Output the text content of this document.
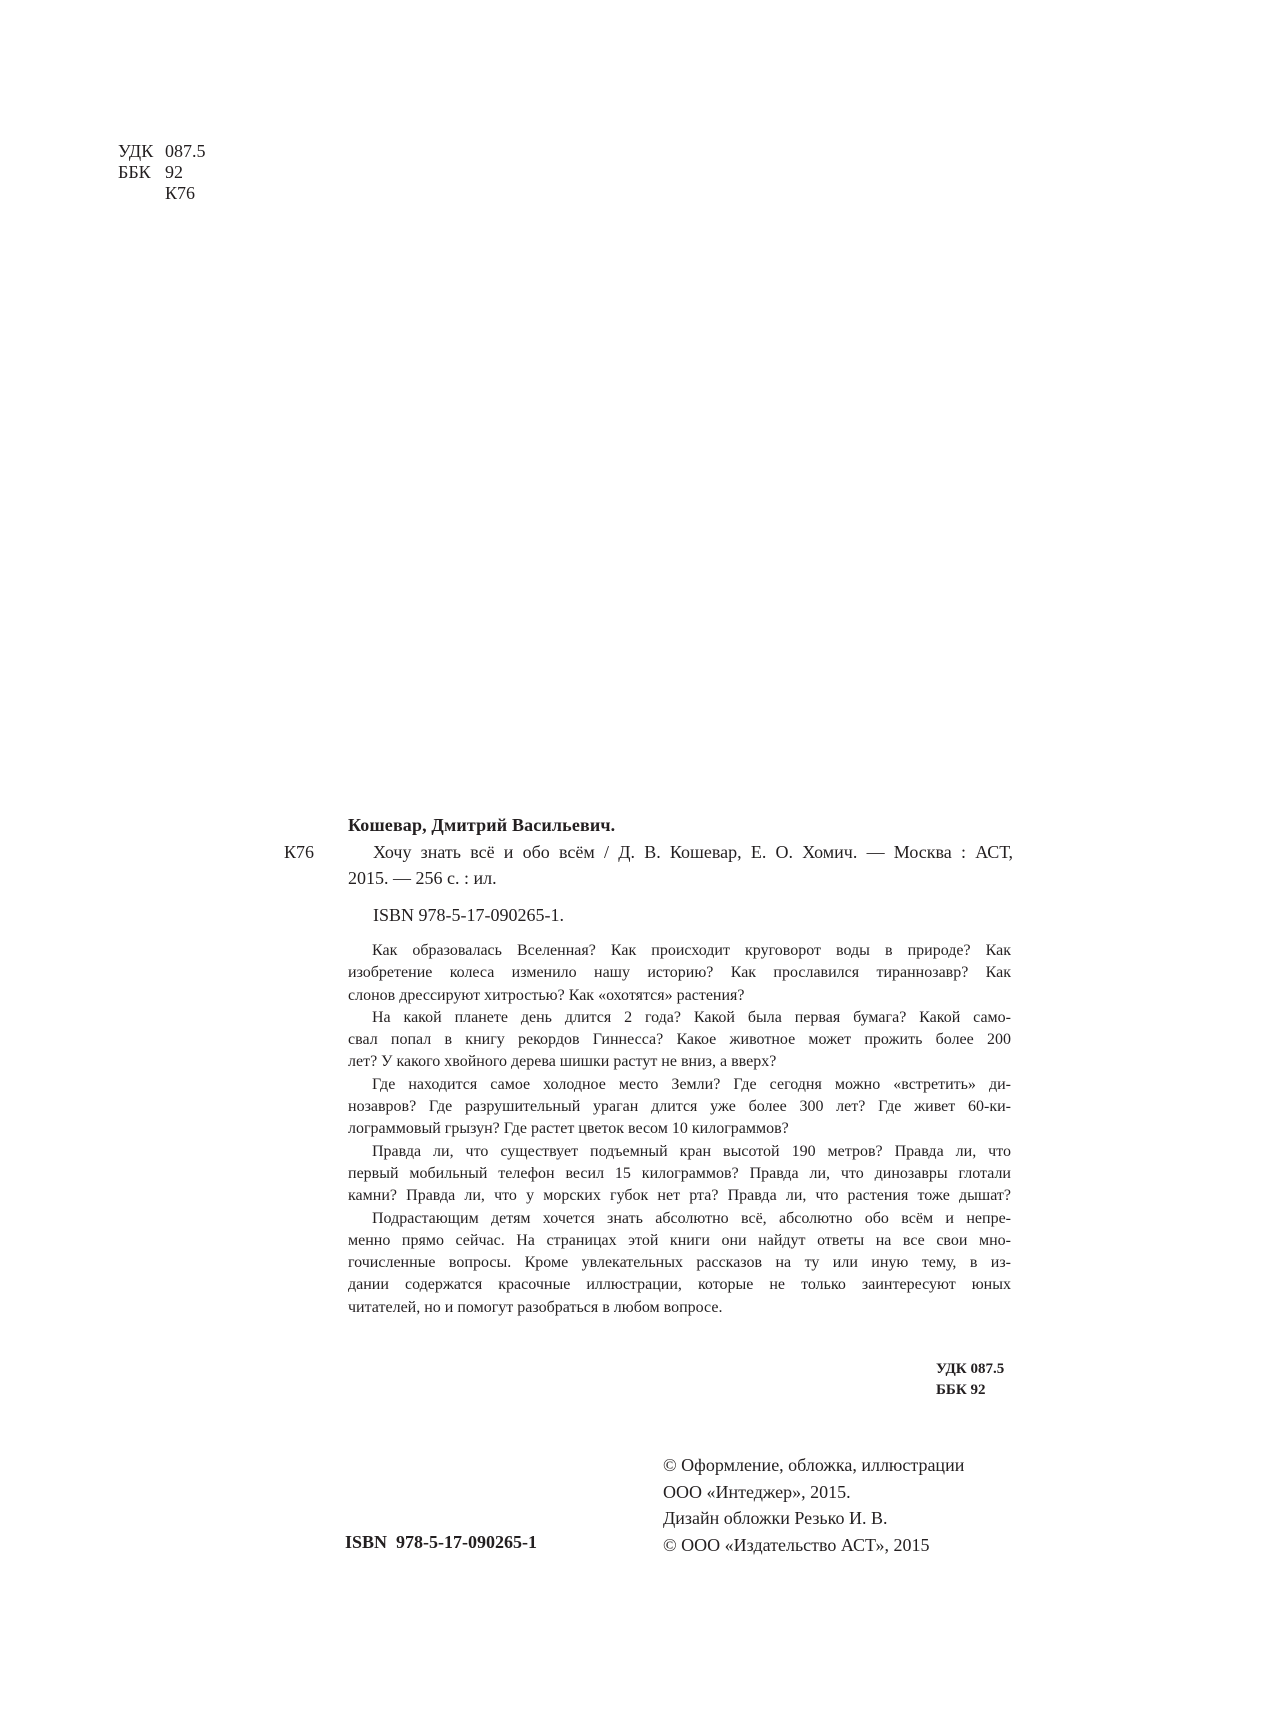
УДК 087.5
ББК 92
К76
Кошевар, Дмитрий Васильевич.
К76	Хочу знать всё и обо всём / Д. В. Кошевар, Е. О. Хомич. — Москва : АСТ,
2015. — 256 с. : ил.
ISBN 978-5-17-090265-1.
Как образовалась Вселенная? Как происходит круговорот воды в природе? Как
изобретение колеса изменило нашу историю? Как прославился тираннозавр? Как
слонов дрессируют хитростью? Как «охотятся» растения?
На какой планете день длится 2 года? Какой была первая бумага? Какой само-
свал попал в книгу рекордов Гиннесса? Какое животное может прожить более 200
лет? У какого хвойного дерева шишки растут не вниз, а вверх?
Где находится самое холодное место Земли? Где сегодня можно «встретить» ди-
нозавров? Где разрушительный ураган длится уже более 300 лет? Где живет 60-ки-
лограммовый грызун? Где растет цветок весом 10 килограммов?
Правда ли, что существует подъемный кран высотой 190 метров? Правда ли, что
первый мобильный телефон весил 15 килограммов? Правда ли, что динозавры глотали
камни? Правда ли, что у морских губок нет рта? Правда ли, что растения тоже дышат?
Подрастающим детям хочется знать абсолютно всё, абсолютно обо всём и непре-
менно прямо сейчас. На страницах этой книги они найдут ответы на все свои мно-
гочисленные вопросы. Кроме увлекательных рассказов на ту или иную тему, в из-
дании содержатся красочные иллюстрации, которые не только заинтересуют юных
читателей, но и помогут разобраться в любом вопросе.
УДК 087.5
ББК 92
© Оформление, обложка, иллюстрации
ООО «Интеджер», 2015.
Дизайн обложки Резько И. В.
© ООО «Издательство АСТ», 2015
ISBN  978-5-17-090265-1
